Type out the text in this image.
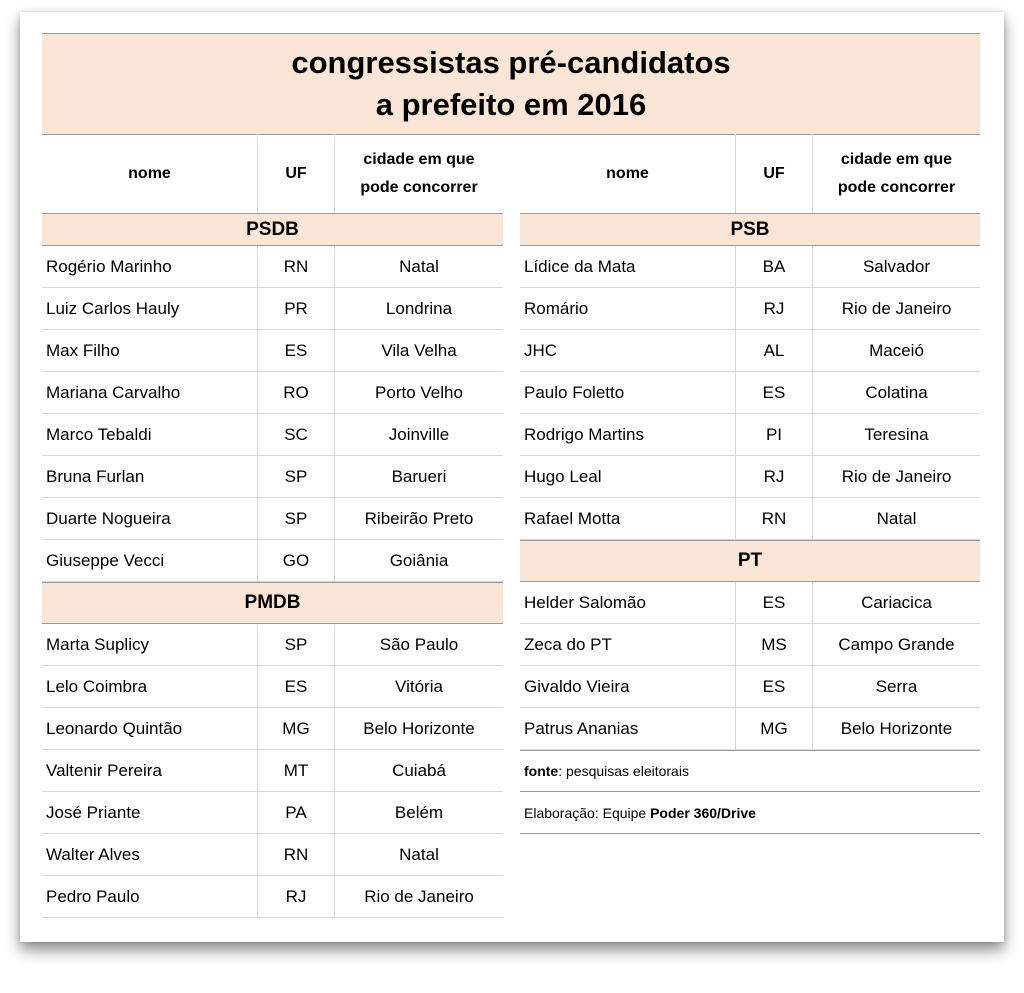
congressistas pré-candidatos
a prefeito em 2016
nome	UF
cidade em que
pode concorrer
PSDB
Rogério Marinho	RN	Natal
Luiz Carlos Hauly	PR	Londrina
Max Filho	ES	Vila Velha
Mariana Carvalho	RO	Porto Velho
Marco Tebaldi	SC	Joinville
Bruna Furlan	SP	Barueri
Duarte Nogueira	SP	Ribeirão Preto
Giuseppe Vecci	GO	Goiânia
PMDB
Marta Suplicy	SP	São Paulo
Lelo Coimbra	ES	Vitória
Leonardo Quintão	MG	Belo Horizonte
Valtenir Pereira	MT	Cuiabá
José Priante	PA	Belém
Walter Alves	RN	Natal
Pedro Paulo	RJ	Rio de Janeiro
nome	UF
cidade em que
pode concorrer
PSB
Lídice da Mata	BA	Salvador
Romário	RJ	Rio de Janeiro
JHC	AL	Maceió
Paulo Foletto	ES	Colatina
Rodrigo Martins	PI	Teresina
Hugo Leal	RJ	Rio de Janeiro
Rafael Motta	RN	Natal
PT
Helder Salomão	ES	Cariacica
Zeca do PT	MS	Campo Grande
Givaldo Vieira	ES	Serra
Patrus Ananias	MG	Belo Horizonte
fonte : pesquisas eleitorais
Elaboração: Equipe Poder 360/Drive
